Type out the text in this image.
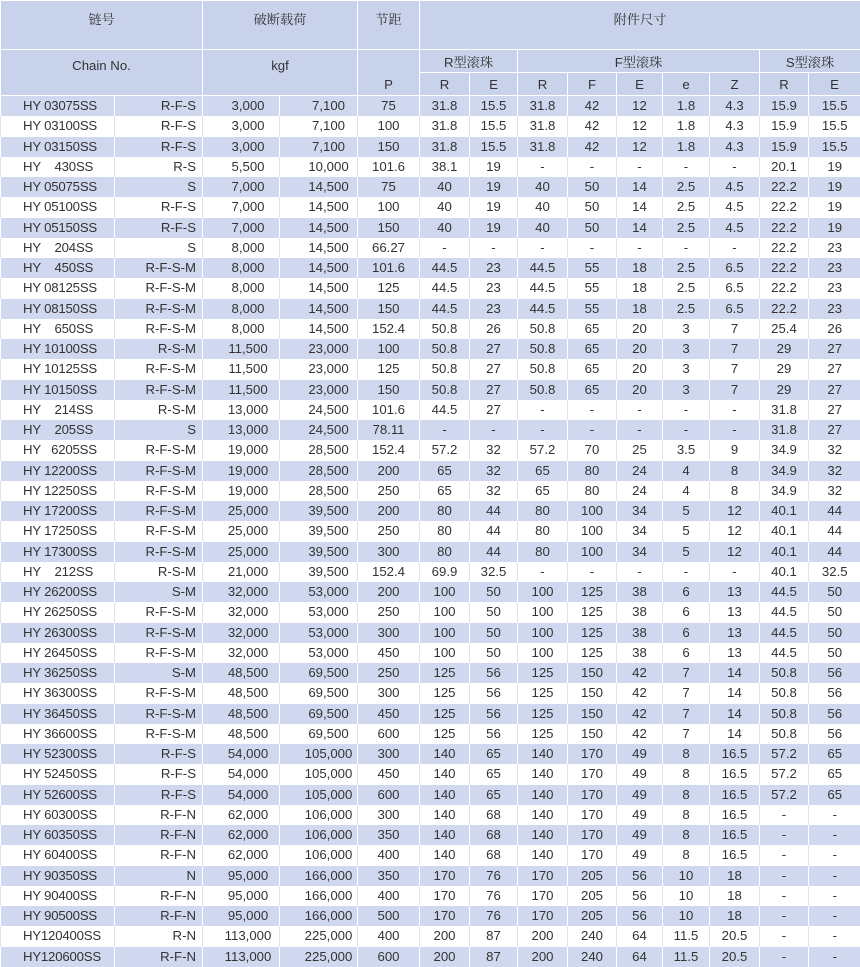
链号		破断载荷		节距	附件尺寸								
Chain No.		kgf		P	R型滚珠		F型滚珠					S型滚珠	
					R	E	R	F	E	e	Z	R	E
HY 03075SS	R-F-S	3,000	7,100	75	31.8	15.5	31.8	42	12	1.8	4.3	15.9	15.5
HY 03100SS	R-F-S	3,000	7,100	100	31.8	15.5	31.8	42	12	1.8	4.3	15.9	15.5
HY 03150SS	R-F-S	3,000	7,100	150	31.8	15.5	31.8	42	12	1.8	4.3	15.9	15.5
HY    430SS	R-S	5,500	10,000	101.6	38.1	19	-	-	-	-	-	20.1	19
HY 05075SS	S	7,000	14,500	75	40	19	40	50	14	2.5	4.5	22.2	19
HY 05100SS	R-F-S	7,000	14,500	100	40	19	40	50	14	2.5	4.5	22.2	19
HY 05150SS	R-F-S	7,000	14,500	150	40	19	40	50	14	2.5	4.5	22.2	19
HY    204SS	S	8,000	14,500	66.27	-	-	-	-	-	-	-	22.2	23
HY    450SS	R-F-S-M	8,000	14,500	101.6	44.5	23	44.5	55	18	2.5	6.5	22.2	23
HY 08125SS	R-F-S-M	8,000	14,500	125	44.5	23	44.5	55	18	2.5	6.5	22.2	23
HY 08150SS	R-F-S-M	8,000	14,500	150	44.5	23	44.5	55	18	2.5	6.5	22.2	23
HY    650SS	R-F-S-M	8,000	14,500	152.4	50.8	26	50.8	65	20	3	7	25.4	26
HY 10100SS	R-S-M	11,500	23,000	100	50.8	27	50.8	65	20	3	7	29	27
HY 10125SS	R-F-S-M	11,500	23,000	125	50.8	27	50.8	65	20	3	7	29	27
HY 10150SS	R-F-S-M	11,500	23,000	150	50.8	27	50.8	65	20	3	7	29	27
HY    214SS	R-S-M	13,000	24,500	101.6	44.5	27	-	-	-	-	-	31.8	27
HY    205SS	S	13,000	24,500	78.11	-	-	-	-	-	-	-	31.8	27
HY   6205SS	R-F-S-M	19,000	28,500	152.4	57.2	32	57.2	70	25	3.5	9	34.9	32
HY 12200SS	R-F-S-M	19,000	28,500	200	65	32	65	80	24	4	8	34.9	32
HY 12250SS	R-F-S-M	19,000	28,500	250	65	32	65	80	24	4	8	34.9	32
HY 17200SS	R-F-S-M	25,000	39,500	200	80	44	80	100	34	5	12	40.1	44
HY 17250SS	R-F-S-M	25,000	39,500	250	80	44	80	100	34	5	12	40.1	44
HY 17300SS	R-F-S-M	25,000	39,500	300	80	44	80	100	34	5	12	40.1	44
HY    212SS	R-S-M	21,000	39,500	152.4	69.9	32.5	-	-	-	-	-	40.1	32.5
HY 26200SS	S-M	32,000	53,000	200	100	50	100	125	38	6	13	44.5	50
HY 26250SS	R-F-S-M	32,000	53,000	250	100	50	100	125	38	6	13	44.5	50
HY 26300SS	R-F-S-M	32,000	53,000	300	100	50	100	125	38	6	13	44.5	50
HY 26450SS	R-F-S-M	32,000	53,000	450	100	50	100	125	38	6	13	44.5	50
HY 36250SS	S-M	48,500	69,500	250	125	56	125	150	42	7	14	50.8	56
HY 36300SS	R-F-S-M	48,500	69,500	300	125	56	125	150	42	7	14	50.8	56
HY 36450SS	R-F-S-M	48,500	69,500	450	125	56	125	150	42	7	14	50.8	56
HY 36600SS	R-F-S-M	48,500	69,500	600	125	56	125	150	42	7	14	50.8	56
HY 52300SS	R-F-S	54,000	105,000	300	140	65	140	170	49	8	16.5	57.2	65
HY 52450SS	R-F-S	54,000	105,000	450	140	65	140	170	49	8	16.5	57.2	65
HY 52600SS	R-F-S	54,000	105,000	600	140	65	140	170	49	8	16.5	57.2	65
HY 60300SS	R-F-N	62,000	106,000	300	140	68	140	170	49	8	16.5	-	-
HY 60350SS	R-F-N	62,000	106,000	350	140	68	140	170	49	8	16.5	-	-
HY 60400SS	R-F-N	62,000	106,000	400	140	68	140	170	49	8	16.5	-	-
HY 90350SS	N	95,000	166,000	350	170	76	170	205	56	10	18	-	-
HY 90400SS	R-F-N	95,000	166,000	400	170	76	170	205	56	10	18	-	-
HY 90500SS	R-F-N	95,000	166,000	500	170	76	170	205	56	10	18	-	-
HY120400SS	R-N	113,000	225,000	400	200	87	200	240	64	11.5	20.5	-	-
HY120600SS	R-F-N	113,000	225,000	600	200	87	200	240	64	11.5	20.5	-	-
